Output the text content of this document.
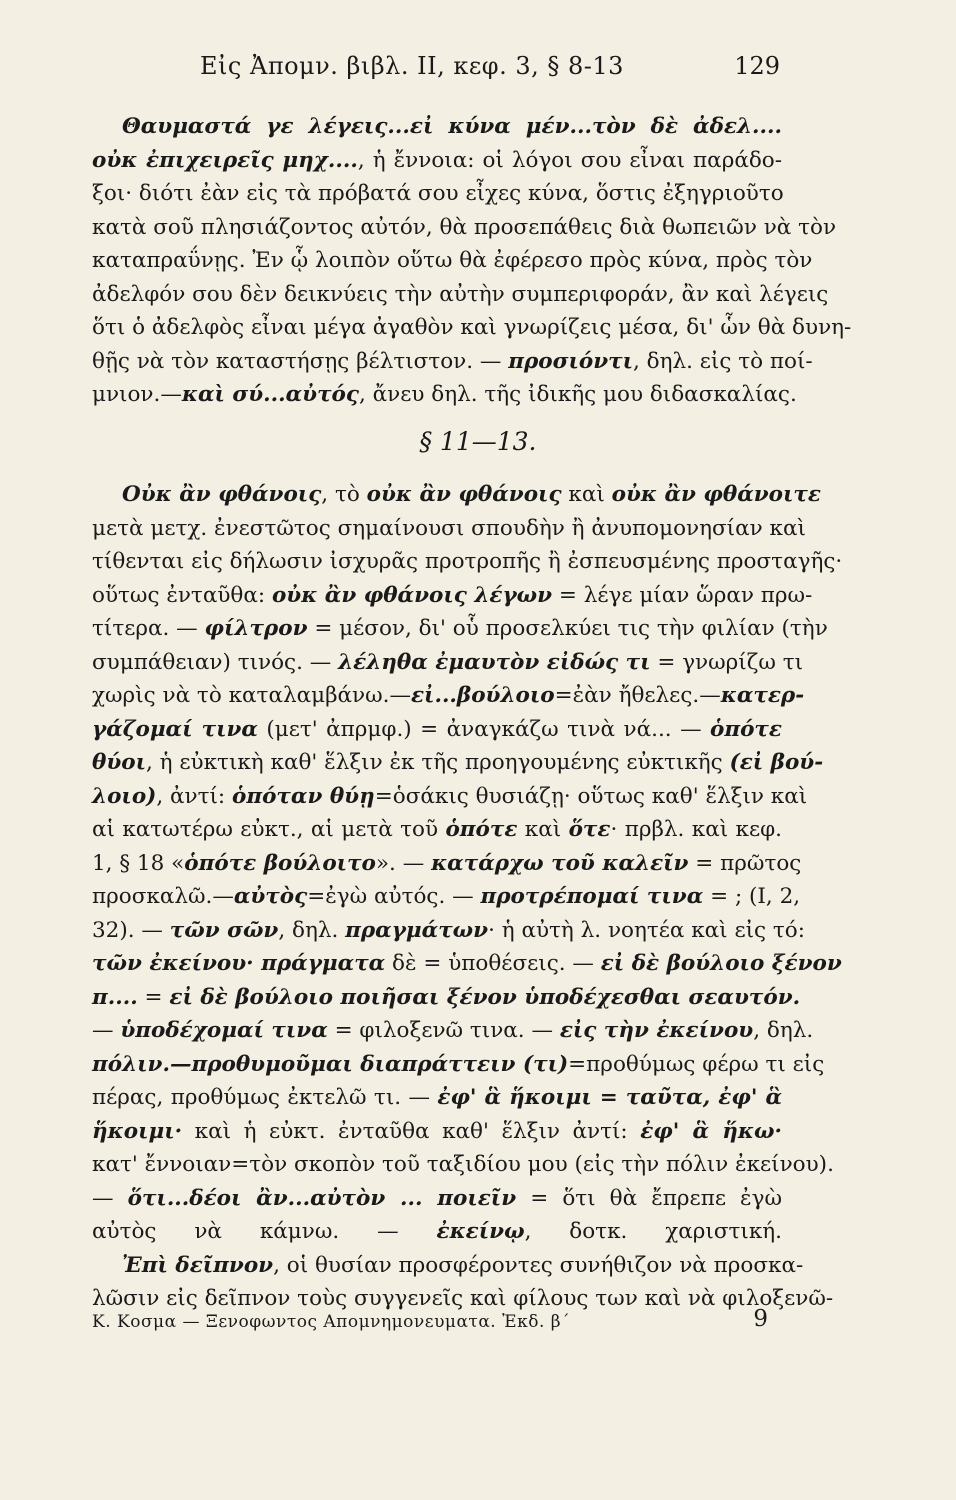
Εἰς Ἀπομν. βιβλ. ΙΙ, κεφ. 3, § 8-13	129
Θαυμαστά γε λέγεις...εἰ κύνα μέν...τὸν δὲ ἀδελ....
οὐκ ἐπιχειρεῖς μηχ...., ἡ ἔννοια: οἱ λόγοι σου εἶναι παράδο-
ξοι· διότι ἐὰν εἰς τὰ πρόβατά σου εἶχες κύνα, ὅστις ἐξηγριοῦτο
κατὰ σοῦ πλησιάζοντος αὐτόν, θὰ προσεπάθεις διὰ θωπειῶν νὰ τὸν
καταπραΰνῃς. Ἐν ᾧ λοιπὸν οὕτω θὰ ἐφέρεσο πρὸς κύνα, πρὸς τὸν
ἀδελφόν σου δὲν δεικνύεις τὴν αὐτὴν συμπεριφοράν, ἂν καὶ λέγεις
ὅτι ὁ ἀδελφὸς εἶναι μέγα ἀγαθὸν καὶ γνωρίζεις μέσα, δι' ὧν θὰ δυνη-
θῇς νὰ τὸν καταστήσῃς βέλτιστον. — προσιόντι, δηλ. εἰς τὸ ποί-
μνιον.—καὶ σύ...αὐτός, ἄνευ δηλ. τῆς ἰδικῆς μου διδασκαλίας.
§ 11—13.
Οὐκ ἂν φθάνοις, τὸ οὐκ ἂν φθάνοις καὶ οὐκ ἂν φθάνοιτε
μετὰ μετχ. ἐνεστῶτος σημαίνουσι σπουδὴν ἢ ἀνυπομονησίαν καὶ
τίθενται εἰς δήλωσιν ἰσχυρᾶς προτροπῆς ἢ ἐσπευσμένης προσταγῆς·
οὕτως ἐνταῦθα: οὐκ ἂν φθάνοις λέγων = λέγε μίαν ὥραν πρω-
τίτερα. — φίλτρον = μέσον, δι' οὗ προσελκύει τις τὴν φιλίαν (τὴν
συμπάθειαν) τινός. — λέληθα ἐμαυτὸν εἰδώς τι = γνωρίζω τι
χωρὶς νὰ τὸ καταλαμβάνω.—εἰ...βούλοιο=ἐὰν ἤθελες.—κατερ-
γάζομαί τινα (μετ' ἀπρμφ.) = ἀναγκάζω τινὰ νά... — ὁπότε
θύοι, ἡ εὐκτικὴ καθ' ἕλξιν ἐκ τῆς προηγουμένης εὐκτικῆς (εἰ βού-
λοιο), ἀντί: ὁπόταν θύῃ=ὁσάκις θυσιάζῃ· οὕτως καθ' ἕλξιν καὶ
αἱ κατωτέρω εὐκτ., αἱ μετὰ τοῦ ὁπότε καὶ ὅτε· πρβλ. καὶ κεφ.
1, § 18 «ὁπότε βούλοιτο». — κατάρχω τοῦ καλεῖν = πρῶτος
προσκαλῶ.—αὐτὸς=ἐγὼ αὐτός. — προτρέπομαί τινα = ; (Ι, 2,
32). — τῶν σῶν, δηλ. πραγμάτων· ἡ αὐτὴ λ. νοητέα καὶ εἰς τό:
τῶν ἐκείνου· πράγματα δὲ = ὑποθέσεις. — εἰ δὲ βούλοιο ξένον
π.... = εἰ δὲ βούλοιο ποιῆσαι ξένον ὑποδέχεσθαι σεαυτόν.
— ὑποδέχομαί τινα = φιλοξενῶ τινα. — εἰς τὴν ἐκείνου, δηλ.
πόλιν.—προθυμοῦμαι διαπράττειν (τι)=προθύμως φέρω τι εἰς
πέρας, προθύμως ἐκτελῶ τι. — ἐφ' ἃ ἥκοιμι = ταῦτα, ἐφ' ἃ
ἥκοιμι· καὶ ἡ εὐκτ. ἐνταῦθα καθ' ἕλξιν ἀντί: ἐφ' ἃ ἥκω·
κατ' ἔννοιαν=τὸν σκοπὸν τοῦ ταξιδίου μου (εἰς τὴν πόλιν ἐκείνου).
— ὅτι...δέοι ἂν...αὐτὸν ... ποιεῖν = ὅτι θὰ ἔπρεπε ἐγὼ
αὐτὸς νὰ κάμνω. — ἐκείνῳ, δοτκ. χαριστική.
Ἐπὶ δεῖπνον, οἱ θυσίαν προσφέροντες συνήθιζον νὰ προσκα-
λῶσιν εἰς δεῖπνον τοὺς συγγενεῖς καὶ φίλους των καὶ νὰ φιλοξενῶ-
Κ. Κοσμα — Ξενοφωντος Απομνημονευματα. Ἐκδ. β΄	9
